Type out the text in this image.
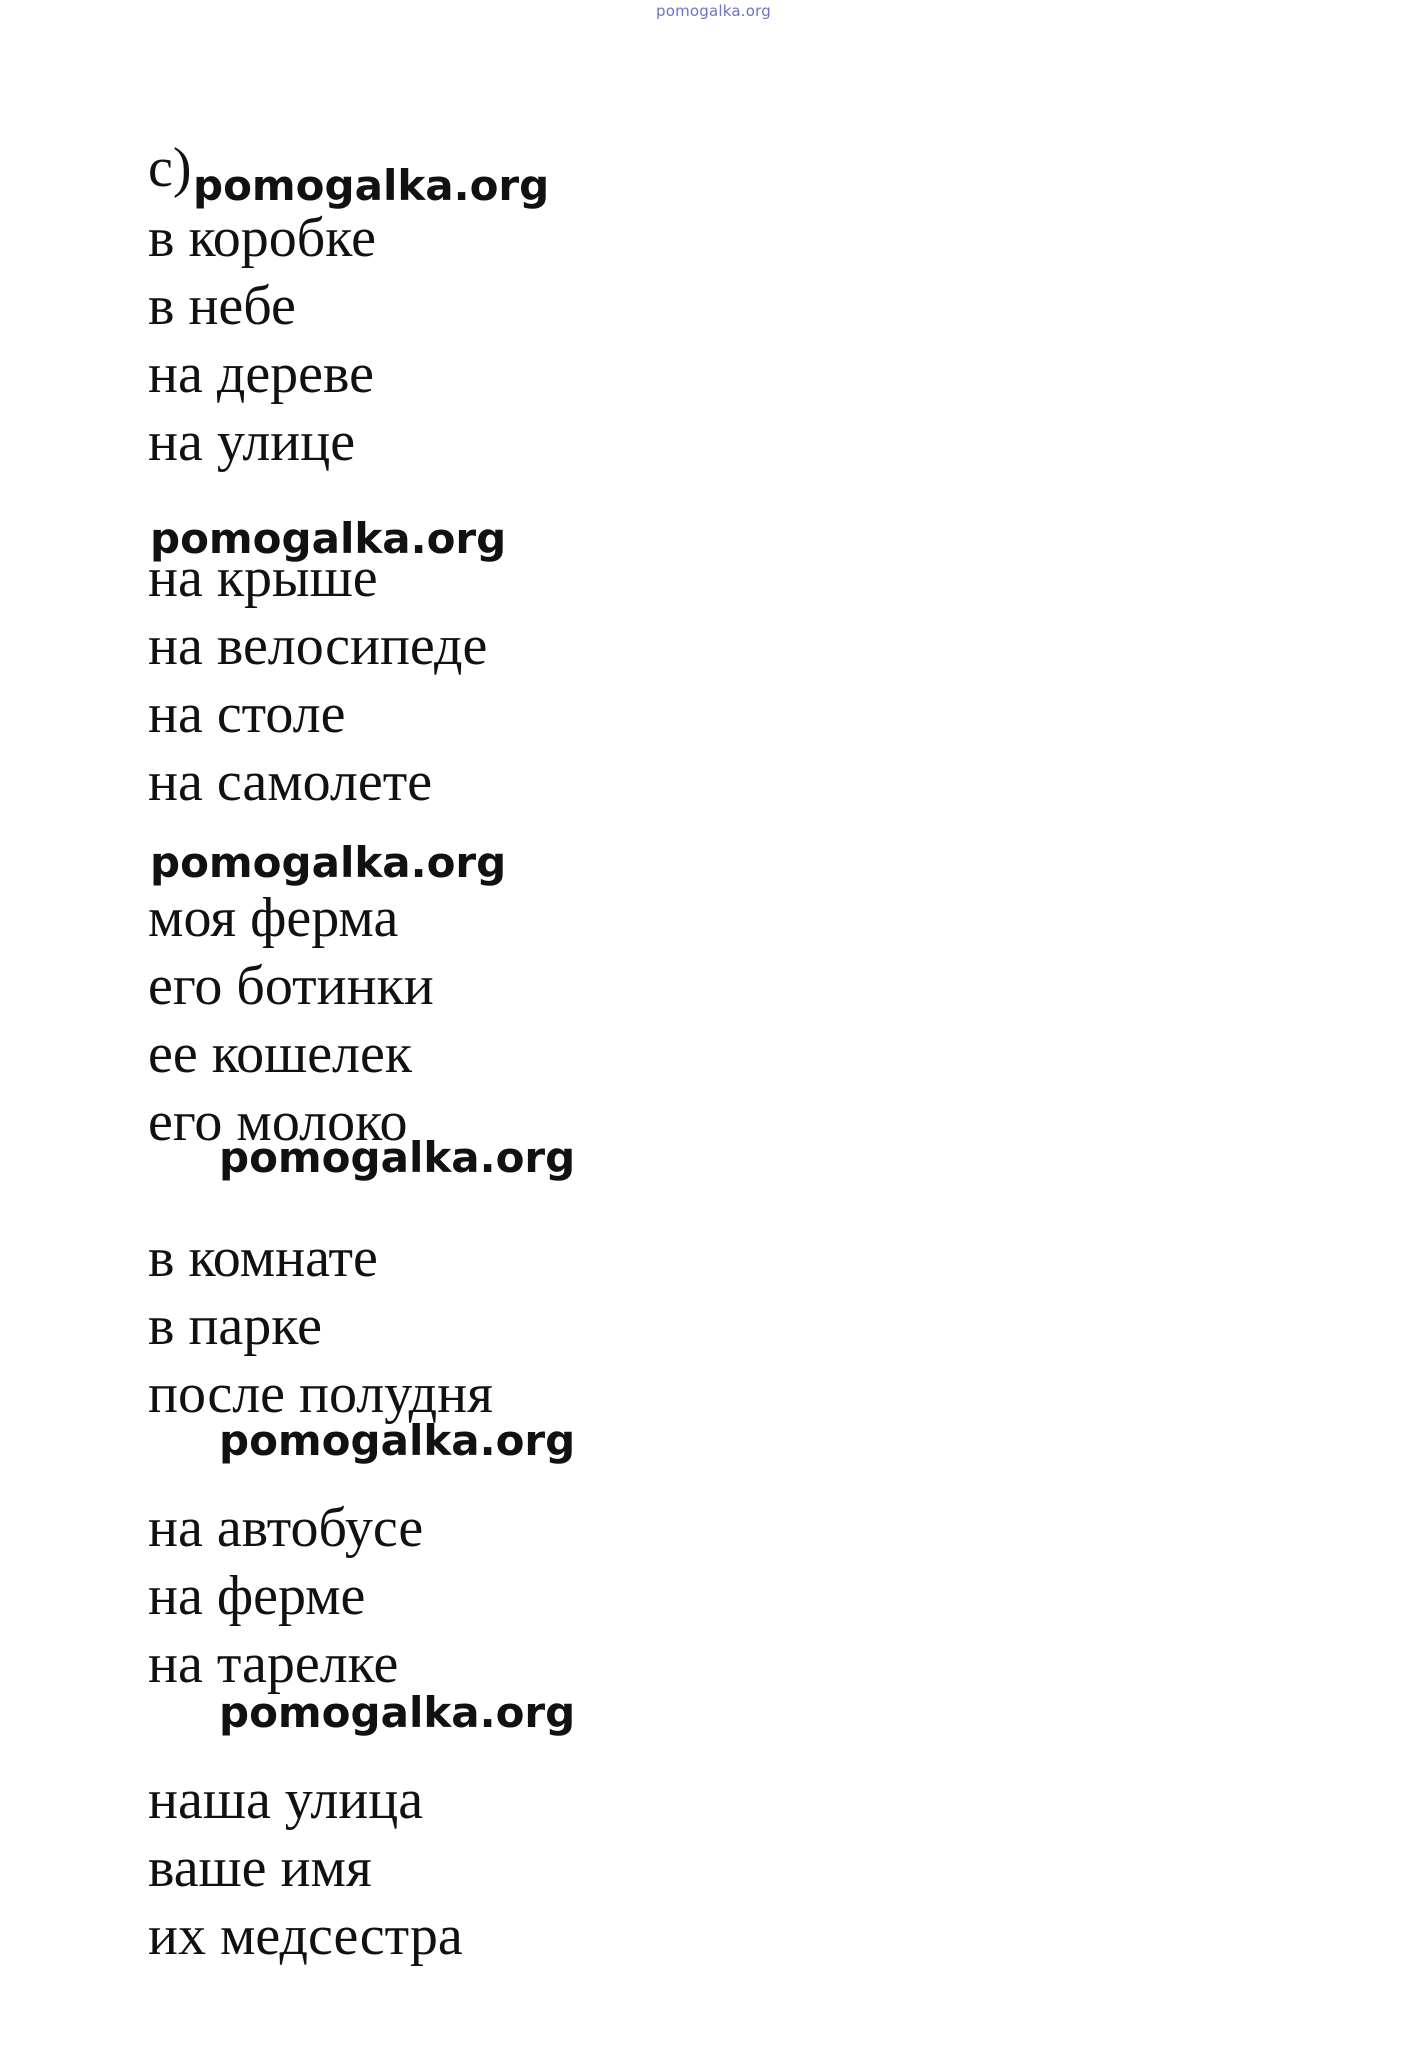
pomogalka.org
c) pomogalka.org
в коробке
в небе
на дереве
на улице
pomogalka.org
на крыше
на велосипеде
на столе
на самолете
pomogalka.org
моя ферма
его ботинки
ее кошелек
его молоко
pomogalka.org
в комнате
в парке
после полудня
pomogalka.org
на автобусе
на ферме
на тарелке
pomogalka.org
наша улица
ваше имя
их медсестра
